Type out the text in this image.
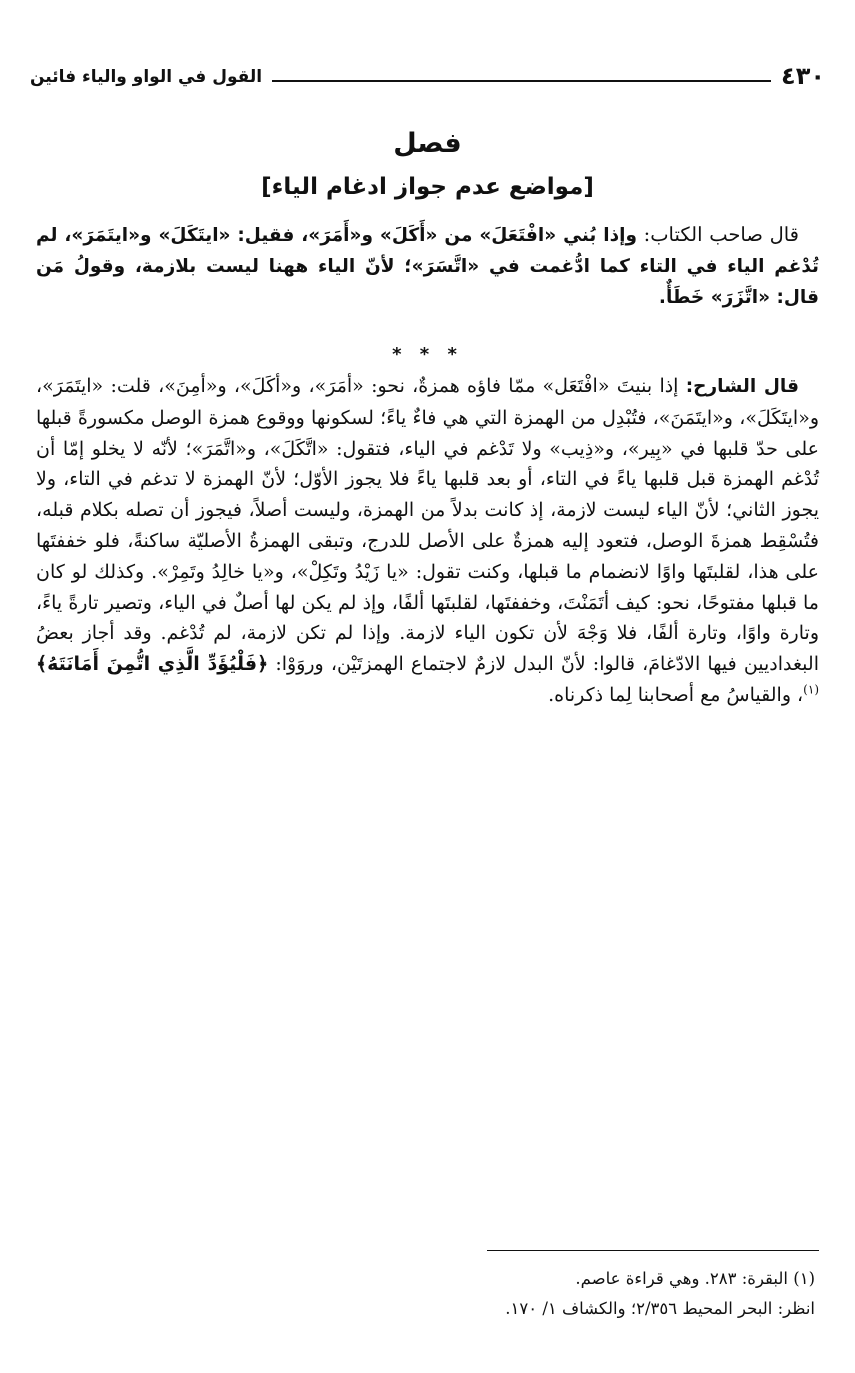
٤٣٠
القول في الواو والياء فائين
فصل
[مواضع عدم جواز ادغام الياء]

قال صاحب الكتاب: وإذا بُني «افْتَعَلَ» من «أَكَلَ» و«أَمَرَ»، فقيل: «ايتَكَلَ» و«ايتَمَرَ»، لم تُدْغم الياء في التاء كما ادُّغمت في «اتَّسَرَ»؛ لأنّ الياء ههنا ليست بلازمة، وقولُ مَن قال: «اتَّزَرَ» خَطَأٌ.

* * *

قال الشارح: إذا بنيتَ «افْتَعَل» ممّا فاؤه همزةٌ، نحو: «أمَرَ»، و«أكَلَ»، و«أمِنَ»، قلت: «ايتَمَرَ»، و«ايتَكَلَ»، و«ايتَمَنَ»، فتُبْدِل من الهمزة التي هي فاءٌ ياءً؛ لسكونها ووقوع همزة الوصل مكسورةً قبلها على حدّ قلبها في «بِير»، و«ذِيب» ولا تَدْغم في الياء، فتقول: «اتَّكَلَ»، و«اتَّمَرَ»؛ لأنّه لا يخلو إمّا أن تُدْغم الهمزة قبل قلبها ياءً في التاء، أو بعد قلبها ياءً فلا يجوز الأوّل؛ لأنّ الهمزة لا تدغم في التاء، ولا يجوز الثاني؛ لأنّ الياء ليست لازمة، إذ كانت بدلاً من الهمزة، وليست أصلاً، فيجوز أن تصله بكلام قبله، فتُسْقِط همزةَ الوصل، فتعود إليه همزةٌ على الأصل للدرج، وتبقى الهمزةُ الأصليّة ساكنةً، فلو خففتَها على هذا، لقلبتَها واوًا لانضمام ما قبلها، وكنت تقول: «يا زَيْدُ وتَكِلْ»، و«يا خالِدُ وتَمِرْ». وكذلك لو كان ما قبلها مفتوحًا، نحو: كيف أتَمَنْتَ، وخففتَها، لقلبتَها ألفًا، وإذ لم يكن لها أصلٌ في الياء، وتصير تارةً ياءً، وتارة واوًا، وتارة ألفًا، فلا وَجْهَ لأن تكون الياء لازمة. وإذا لم تكن لازمة، لم تُدْغم. وقد أجاز بعضُ البغداديين فيها الادّغامَ، قالوا: لأنّ البدل لازمٌ لاجتماع الهمزتَيْن، وروَوْا: ﴿فَلْيُؤَدِّ الَّذِي اتُّمِنَ أَمَانَتَهُ﴾$^{(١)}$، والقياسُ مع أصحابنا لِما ذكرناه.

(١) البقرة: ٢٨٣. وهي قراءة عاصم.

انظر: البحر المحيط ٢/٣٥٦؛ والكشاف ١/ ١٧٠.
